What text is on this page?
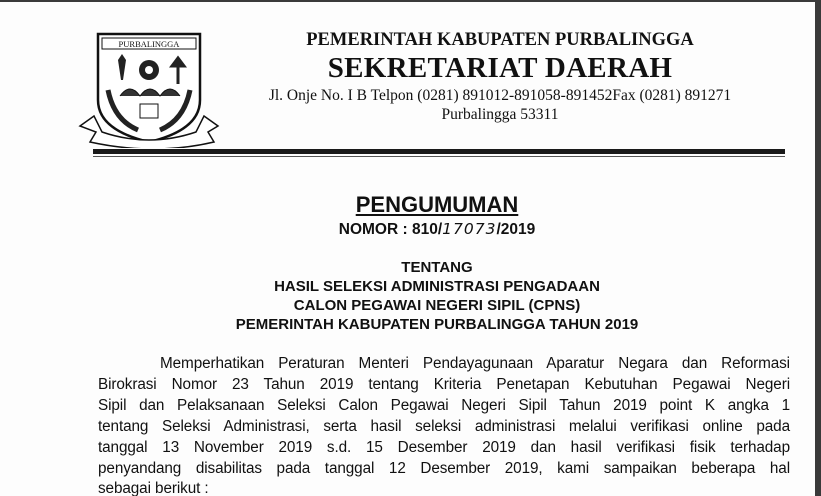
PURBALINGGA	PEMERINTAH KABUPATEN PURBALINGGA
SEKRETARIAT DAERAH
Jl. Onje No. I B Telpon (0281) 891012-891058-891452Fax (0281) 891271
Purbalingga 53311
PENGUMUMAN
NOMOR : 810/17073/2019
TENTANG
HASIL SELEKSI ADMINISTRASI PENGADAAN
CALON PEGAWAI NEGERI SIPIL (CPNS)
PEMERINTAH KABUPATEN PURBALINGGA TAHUN 2019
Memperhatikan Peraturan Menteri Pendayagunaan Aparatur Negara dan Reformasi
Birokrasi Nomor 23 Tahun 2019 tentang Kriteria Penetapan Kebutuhan Pegawai Negeri
Sipil dan Pelaksanaan Seleksi Calon Pegawai Negeri Sipil Tahun 2019 point K angka 1
tentang Seleksi Administrasi, serta hasil seleksi administrasi melalui verifikasi online pada
tanggal 13 November 2019 s.d. 15 Desember 2019 dan hasil verifikasi fisik terhadap
penyandang disabilitas pada tanggal 12 Desember 2019, kami sampaikan beberapa hal
sebagai berikut :
